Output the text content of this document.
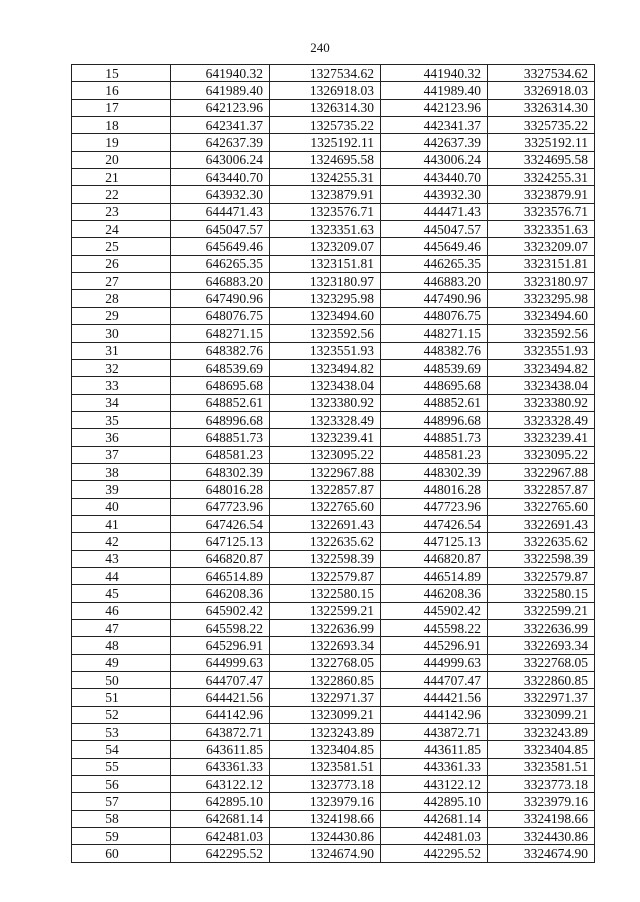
240
15	641940.32	1327534.62	441940.32	3327534.62
16	641989.40	1326918.03	441989.40	3326918.03
17	642123.96	1326314.30	442123.96	3326314.30
18	642341.37	1325735.22	442341.37	3325735.22
19	642637.39	1325192.11	442637.39	3325192.11
20	643006.24	1324695.58	443006.24	3324695.58
21	643440.70	1324255.31	443440.70	3324255.31
22	643932.30	1323879.91	443932.30	3323879.91
23	644471.43	1323576.71	444471.43	3323576.71
24	645047.57	1323351.63	445047.57	3323351.63
25	645649.46	1323209.07	445649.46	3323209.07
26	646265.35	1323151.81	446265.35	3323151.81
27	646883.20	1323180.97	446883.20	3323180.97
28	647490.96	1323295.98	447490.96	3323295.98
29	648076.75	1323494.60	448076.75	3323494.60
30	648271.15	1323592.56	448271.15	3323592.56
31	648382.76	1323551.93	448382.76	3323551.93
32	648539.69	1323494.82	448539.69	3323494.82
33	648695.68	1323438.04	448695.68	3323438.04
34	648852.61	1323380.92	448852.61	3323380.92
35	648996.68	1323328.49	448996.68	3323328.49
36	648851.73	1323239.41	448851.73	3323239.41
37	648581.23	1323095.22	448581.23	3323095.22
38	648302.39	1322967.88	448302.39	3322967.88
39	648016.28	1322857.87	448016.28	3322857.87
40	647723.96	1322765.60	447723.96	3322765.60
41	647426.54	1322691.43	447426.54	3322691.43
42	647125.13	1322635.62	447125.13	3322635.62
43	646820.87	1322598.39	446820.87	3322598.39
44	646514.89	1322579.87	446514.89	3322579.87
45	646208.36	1322580.15	446208.36	3322580.15
46	645902.42	1322599.21	445902.42	3322599.21
47	645598.22	1322636.99	445598.22	3322636.99
48	645296.91	1322693.34	445296.91	3322693.34
49	644999.63	1322768.05	444999.63	3322768.05
50	644707.47	1322860.85	444707.47	3322860.85
51	644421.56	1322971.37	444421.56	3322971.37
52	644142.96	1323099.21	444142.96	3323099.21
53	643872.71	1323243.89	443872.71	3323243.89
54	643611.85	1323404.85	443611.85	3323404.85
55	643361.33	1323581.51	443361.33	3323581.51
56	643122.12	1323773.18	443122.12	3323773.18
57	642895.10	1323979.16	442895.10	3323979.16
58	642681.14	1324198.66	442681.14	3324198.66
59	642481.03	1324430.86	442481.03	3324430.86
60	642295.52	1324674.90	442295.52	3324674.90
